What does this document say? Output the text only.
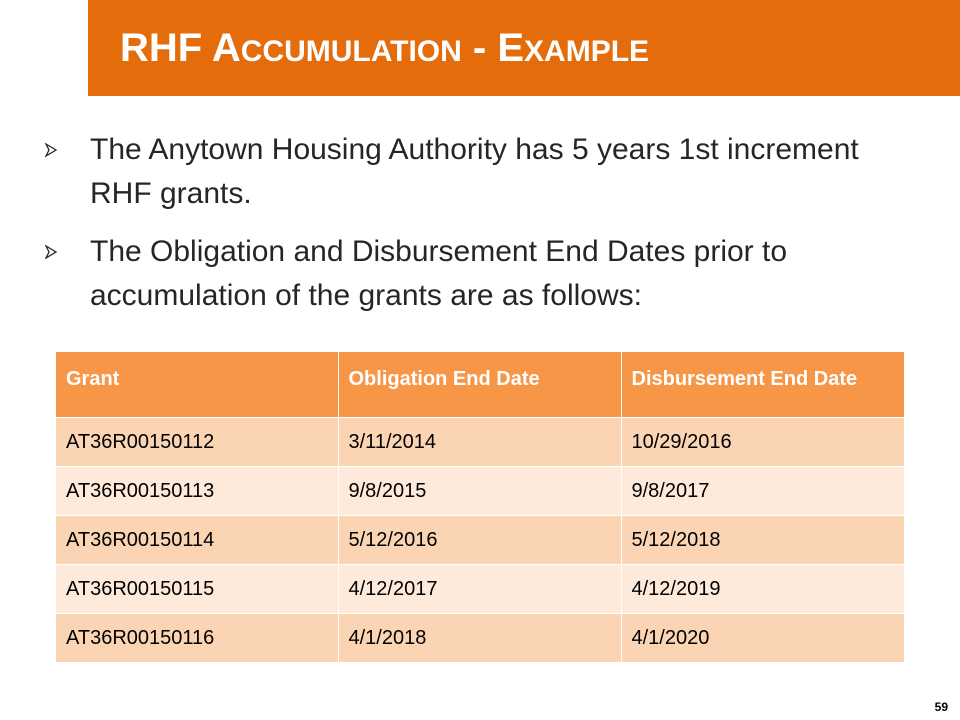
RHF ACCUMULATION - EXAMPLE
The Anytown Housing Authority has 5 years 1st increment RHF grants.
The Obligation and Disbursement End Dates prior to accumulation of the grants are as follows:
Grant	Obligation End Date	Disbursement End Date
AT36R00150112	3/11/2014	10/29/2016
AT36R00150113	9/8/2015	9/8/2017
AT36R00150114	5/12/2016	5/12/2018
AT36R00150115	4/12/2017	4/12/2019
AT36R00150116	4/1/2018	4/1/2020
59
